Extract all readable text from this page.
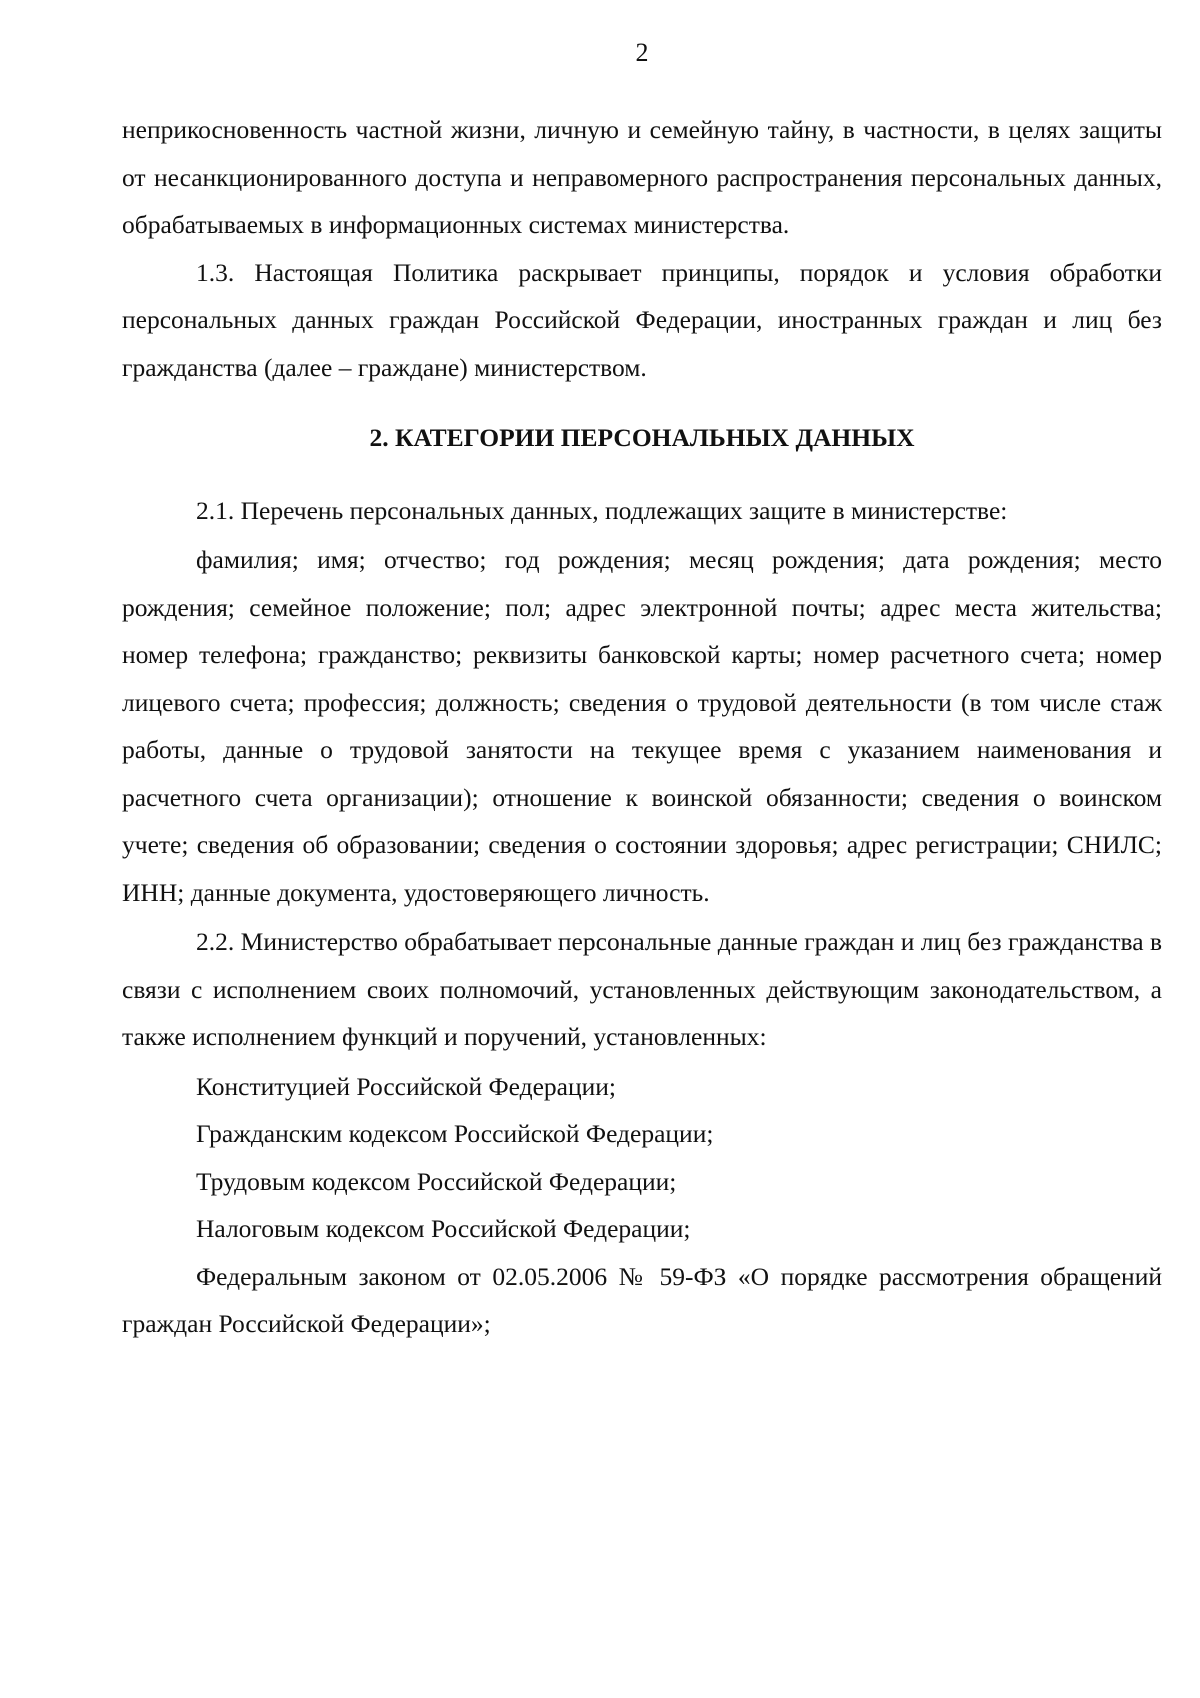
2

неприкосновенность частной жизни, личную и семейную тайну, в частности, в целях защиты от несанкционированного доступа и неправомерного распространения персональных данных, обрабатываемых в информационных системах министерства.

1.3. Настоящая Политика раскрывает принципы, порядок и условия обработки персональных данных граждан Российской Федерации, иностранных граждан и лиц без гражданства (далее – граждане) министерством.

2. КАТЕГОРИИ ПЕРСОНАЛЬНЫХ ДАННЫХ

2.1. Перечень персональных данных, подлежащих защите в министерстве:

фамилия; имя; отчество; год рождения; месяц рождения; дата рождения; место рождения; семейное положение; пол; адрес электронной почты; адрес места жительства; номер телефона; гражданство; реквизиты банковской карты; номер расчетного счета; номер лицевого счета; профессия; должность; сведения о трудовой деятельности (в том числе стаж работы, данные о трудовой занятости на текущее время с указанием наименования и расчетного счета организации); отношение к воинской обязанности; сведения о воинском учете; сведения об образовании; сведения о состоянии здоровья; адрес регистрации; СНИЛС; ИНН; данные документа, удостоверяющего личность.

2.2. Министерство обрабатывает персональные данные граждан и лиц без гражданства в связи с исполнением своих полномочий, установленных действующим законодательством, а также исполнением функций и поручений, установленных:

Конституцией Российской Федерации;

Гражданским кодексом Российской Федерации;

Трудовым кодексом Российской Федерации;

Налоговым кодексом Российской Федерации;

Федеральным законом от 02.05.2006 № 59-ФЗ «О порядке рассмотрения обращений граждан Российской Федерации»;
